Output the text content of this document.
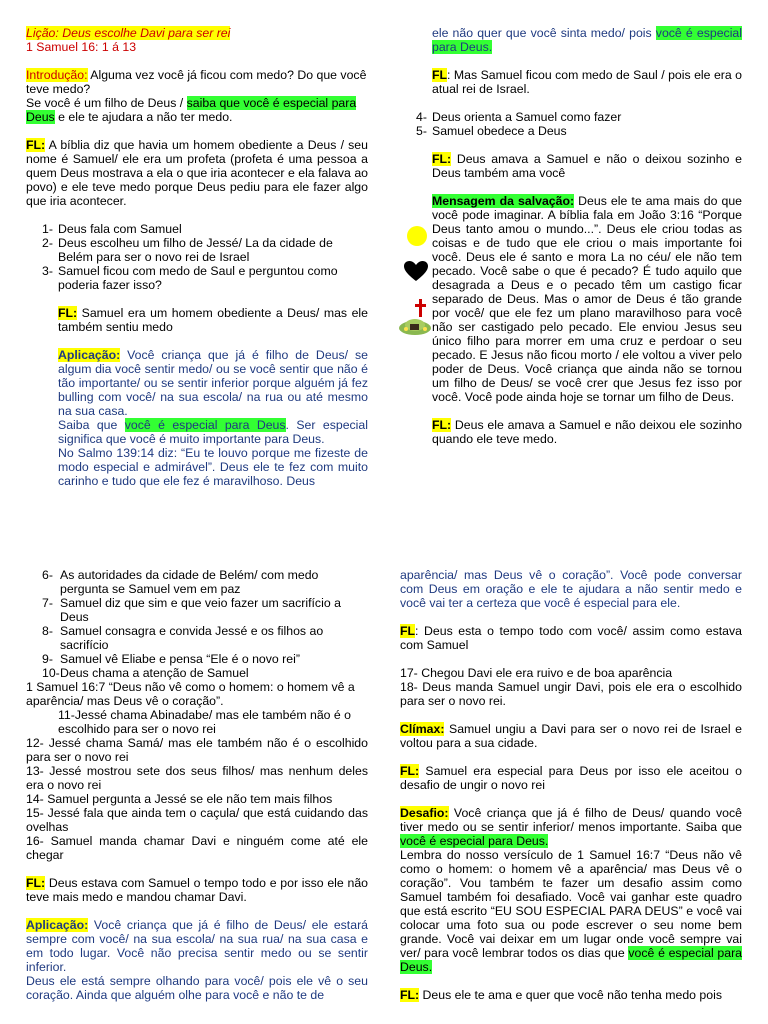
Lição: Deus escolhe Davi para ser rei

1 Samuel 16: 1 á 13

Introdução: Alguma vez você já ficou com medo? Do que você teve medo?

Se você é um filho de Deus / saiba que você é especial para Deus e ele te ajudara a não ter medo.

FL: A bíblia diz que havia um homem obediente a Deus / seu nome é Samuel/ ele era um profeta (profeta é uma pessoa a quem Deus mostrava a ela o que iria acontecer e ela falava ao povo) e ele teve medo porque Deus pediu para ele fazer algo que iria acontecer.

1- Deus fala com Samuel
2- Deus escolheu um filho de Jessé/ La da cidade de Belém para ser o novo rei de Israel
3- Samuel ficou com medo de Saul e perguntou como poderia fazer isso?

FL: Samuel era um homem obediente a Deus/ mas ele também sentiu medo

Aplicação: Você criança que já é filho de Deus/ se algum dia você sentir medo/ ou se você sentir que não é tão importante/ ou se sentir inferior porque alguém já fez bulling com você/ na sua escola/ na rua ou até mesmo na sua casa.

Saiba que você é especial para Deus. Ser especial significa que você é muito importante para Deus.

No Salmo 139:14 diz: “Eu te louvo porque me fizeste de modo especial e admirável”. Deus ele te fez com muito carinho e tudo que ele fez é maravilhoso. Deus

ele não quer que você sinta medo/ pois você é especial para Deus.

FL: Mas Samuel ficou com medo de Saul / pois ele era o atual rei de Israel.

4- Deus orienta a Samuel como fazer
5- Samuel obedece a Deus

FL: Deus amava a Samuel e não o deixou sozinho e Deus também ama você

Mensagem da salvação: Deus ele te ama mais do que você pode imaginar. A bíblia fala em João 3:16 “Porque Deus tanto amou o mundo...”. Deus ele criou todas as coisas e de tudo que ele criou o mais importante foi você. Deus ele é santo e mora La no céu/ ele não tem pecado. Você sabe o que é pecado? É tudo aquilo que desagrada a Deus e o pecado têm um castigo ficar separado de Deus. Mas o amor de Deus é tão grande por você/ que ele fez um plano maravilhoso para você não ser castigado pelo pecado. Ele enviou Jesus seu único filho para morrer em uma cruz e perdoar o seu pecado. E Jesus não ficou morto / ele voltou a viver pelo poder de Deus. Você criança que ainda não se tornou um filho de Deus/ se você crer que Jesus fez isso por você. Você pode ainda hoje se tornar um filho de Deus.

FL: Deus ele amava a Samuel e não deixou ele sozinho quando ele teve medo.

6- As autoridades da cidade de Belém/ com medo pergunta se Samuel vem em paz
7- Samuel diz que sim e que veio fazer um sacrifício a Deus
8- Samuel consagra e convida Jessé e os filhos ao sacrifício
9- Samuel vê Eliabe e pensa “Ele é o novo rei”
10- Deus chama a atenção de Samuel

1 Samuel 16:7 “Deus não vê como o homem: o homem vê a aparência/ mas Deus vê o coração”.

11-Jessé chama Abinadabe/ mas ele também não é o escolhido para ser o novo rei

12- Jessé chama Samá/ mas ele também não é o escolhido para ser o novo rei

13- Jessé mostrou sete dos seus filhos/ mas nenhum deles era o novo rei

14- Samuel pergunta a Jessé se ele não tem mais filhos

15- Jessé fala que ainda tem o caçula/ que está cuidando das ovelhas

16- Samuel manda chamar Davi e ninguém come até ele chegar

FL: Deus estava com Samuel o tempo todo e por isso ele não teve mais medo e mandou chamar Davi.

Aplicação: Você criança que já é filho de Deus/ ele estará sempre com você/ na sua escola/ na sua rua/ na sua casa e em todo lugar. Você não precisa sentir medo ou se sentir inferior.

Deus ele está sempre olhando para você/ pois ele vê o seu coração. Ainda que alguém olhe para você e não te de

aparência/ mas Deus vê o coração”. Você pode conversar com Deus em oração e ele te ajudara a não sentir medo e você vai ter a certeza que você é especial para ele.

FL: Deus esta o tempo todo com você/ assim como estava com Samuel

17- Chegou Davi ele era ruivo e de boa aparência

18- Deus manda Samuel ungir Davi, pois ele era o escolhido para ser o novo rei.

Clímax: Samuel ungiu a Davi para ser o novo rei de Israel e voltou para a sua cidade.

FL: Samuel era especial para Deus por isso ele aceitou o desafio de ungir o novo rei

Desafio: Você criança que já é filho de Deus/ quando você tiver medo ou se sentir inferior/ menos importante. Saiba que você é especial para Deus.

Lembra do nosso versículo de 1 Samuel 16:7 “Deus não vê como o homem: o homem vê a aparência/ mas Deus vê o coração”. Vou também te fazer um desafio assim como Samuel também foi desafiado. Você vai ganhar este quadro que está escrito “EU SOU ESPECIAL PARA DEUS” e você vai colocar uma foto sua ou pode escrever o seu nome bem grande. Você vai deixar em um lugar onde você sempre vai ver/ para você lembrar todos os dias que você é especial para Deus.

FL: Deus ele te ama e quer que você não tenha medo pois
